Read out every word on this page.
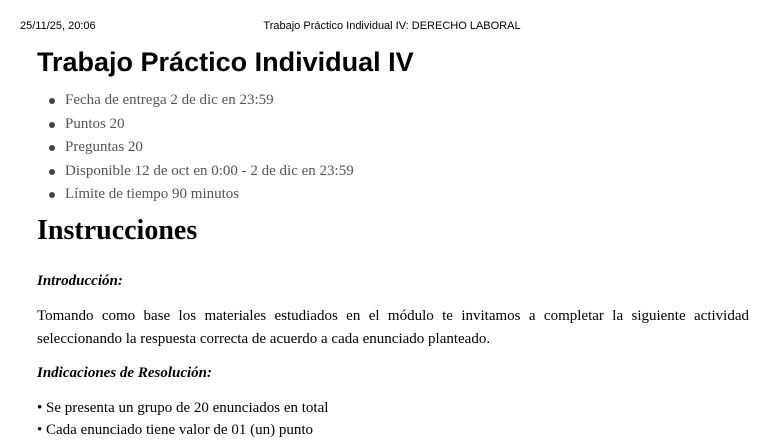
25/11/25, 20:06	Trabajo Práctico Individual IV: DERECHO LABORAL
Trabajo Práctico Individual IV
Fecha de entrega 2 de dic en 23:59
Puntos 20
Preguntas 20
Disponible 12 de oct en 0:00 - 2 de dic en 23:59
Límite de tiempo 90 minutos
Instrucciones

Introducción:

Tomando como base los materiales estudiados en el módulo te invitamos a completar la siguiente actividad seleccionando la respuesta correcta de acuerdo a cada enunciado planteado.

Indicaciones de Resolución:

• Se presenta un grupo de 20 enunciados en total
• Cada enunciado tiene valor de 01 (un) punto
